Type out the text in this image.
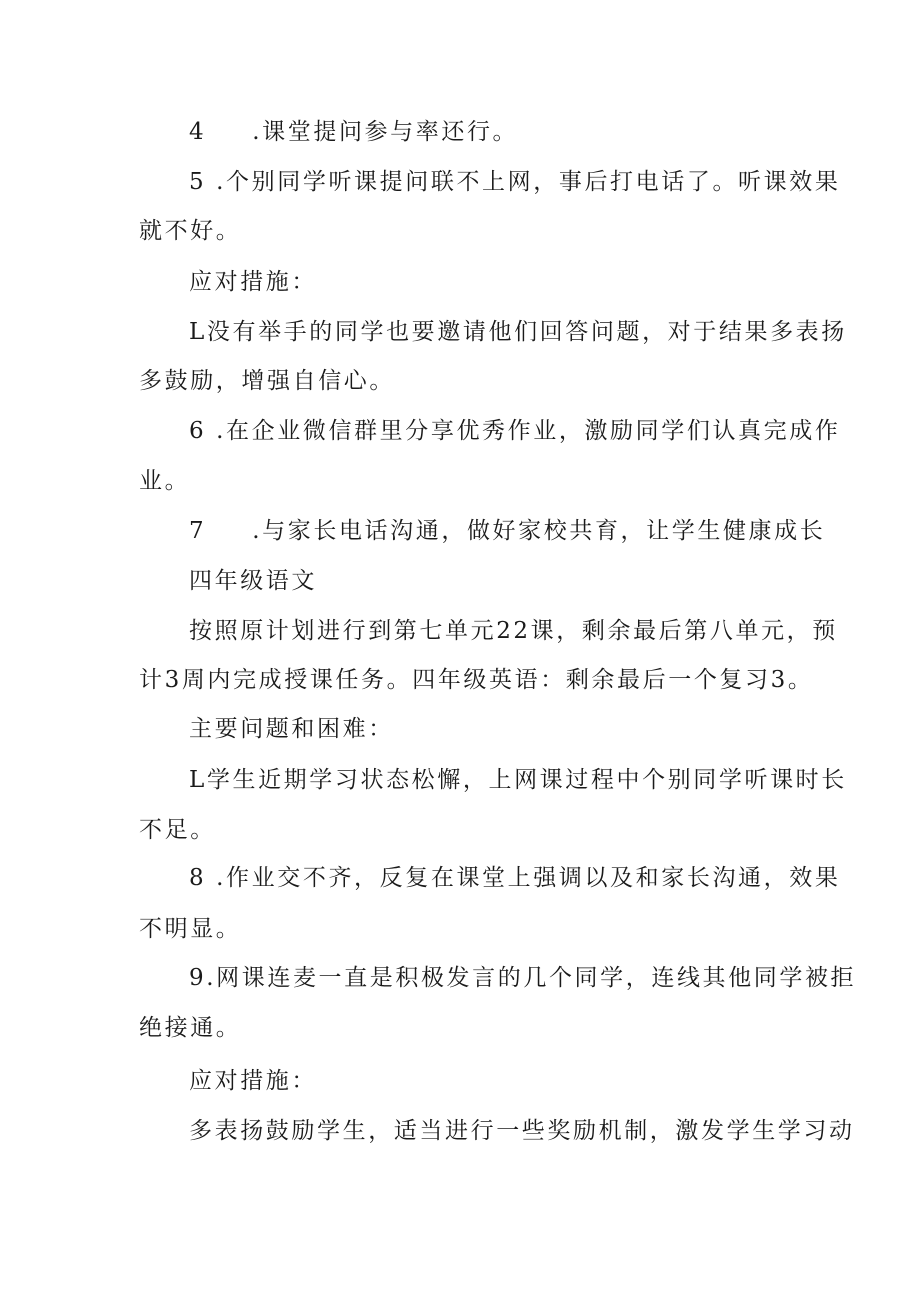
4 .课堂提问参与率还行。
5 .个别同学听课提问联不上网，事后打电话了。听课效果
就不好。
应对措施：
L没有举手的同学也要邀请他们回答问题，对于结果多表扬
多鼓励，增强自信心。
6 .在企业微信群里分享优秀作业，激励同学们认真完成作
业。
7 .与家长电话沟通，做好家校共育，让学生健康成长
四年级语文
按照原计划进行到第七单元22课，剩余最后第八单元，预
计3周内完成授课任务。四年级英语：剩余最后一个复习3。
主要问题和困难：
L学生近期学习状态松懈，上网课过程中个别同学听课时长
不足。
8 .作业交不齐，反复在课堂上强调以及和家长沟通，效果
不明显。
9.网课连麦一直是积极发言的几个同学，连线其他同学被拒
绝接通。
应对措施：
多表扬鼓励学生，适当进行一些奖励机制，激发学生学习动
